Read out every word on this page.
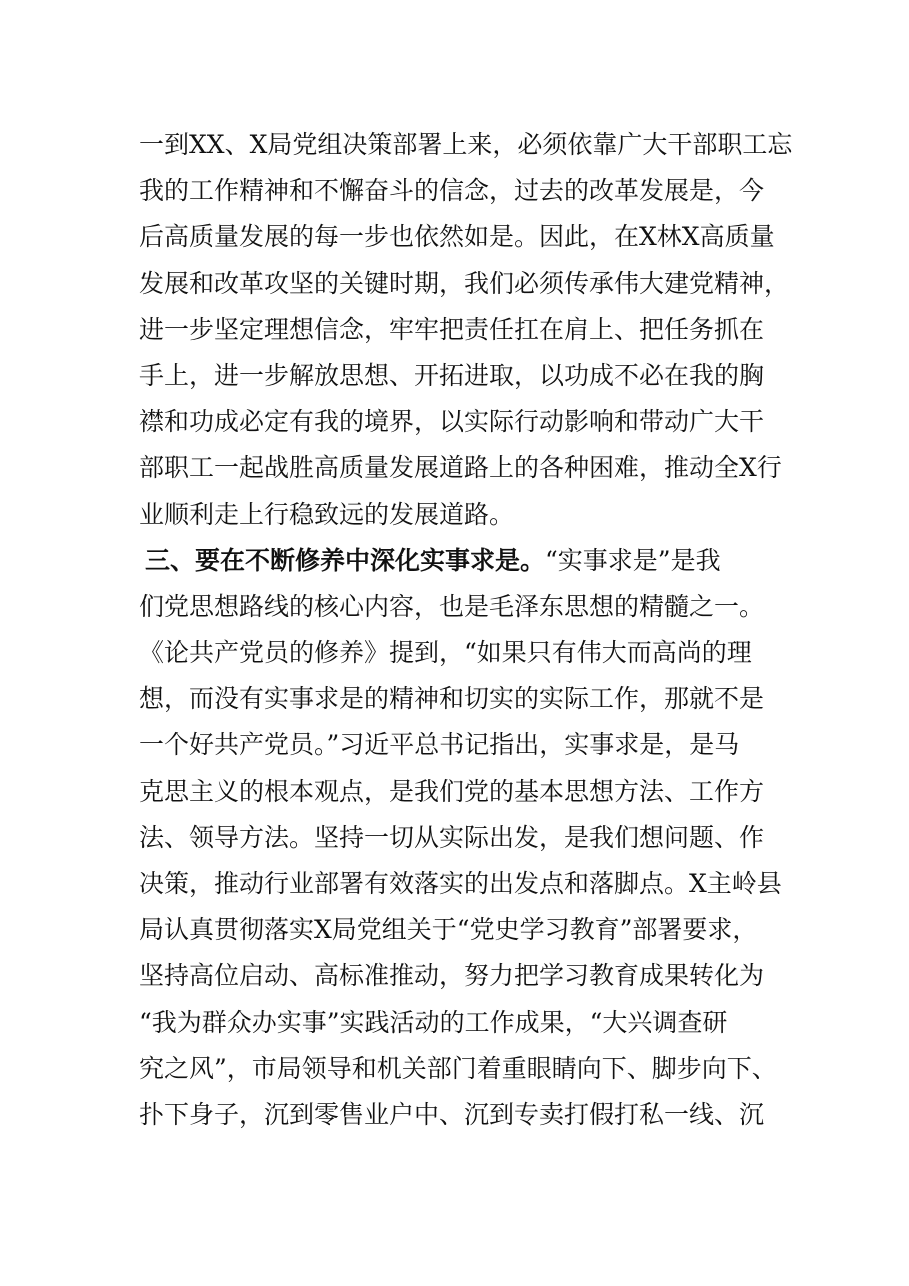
一到XX、X局党组决策部署上来，必须依靠广大干部职工忘
我的工作精神和不懈奋斗的信念，过去的改革发展是，今
后高质量发展的每一步也依然如是。因此，在X林X高质量
发展和改革攻坚的关键时期，我们必须传承伟大建党精神，
进一步坚定理想信念，牢牢把责任扛在肩上、把任务抓在
手上，进一步解放思想、开拓进取，以功成不必在我的胸
襟和功成必定有我的境界，以实际行动影响和带动广大干
部职工一起战胜高质量发展道路上的各种困难，推动全X行
业顺利走上行稳致远的发展道路。
三、要在不断修养中深化实事求是。“实事求是”是我
们党思想路线的核心内容，也是毛泽东思想的精髓之一。
《论共产党员的修养》提到，“如果只有伟大而高尚的理
想，而没有实事求是的精神和切实的实际工作，那就不是
一个好共产党员。”习近平总书记指出，实事求是，是马
克思主义的根本观点，是我们党的基本思想方法、工作方
法、领导方法。坚持一切从实际出发，是我们想问题、作
决策，推动行业部署有效落实的出发点和落脚点。X主岭县
局认真贯彻落实X局党组关于“党史学习教育”部署要求，
坚持高位启动、高标准推动，努力把学习教育成果转化为
“我为群众办实事”实践活动的工作成果，“大兴调查研
究之风”，市局领导和机关部门着重眼睛向下、脚步向下、
扑下身子，沉到零售业户中、沉到专卖打假打私一线、沉
